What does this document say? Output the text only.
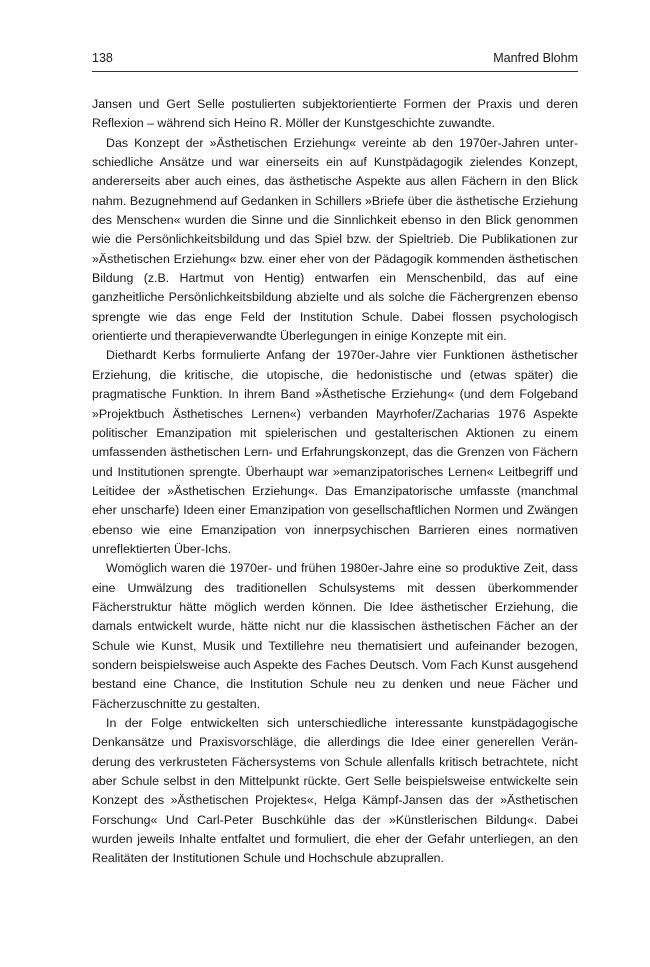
138	Manfred Blohm

Jansen und Gert Selle postulierten subjektorientierte Formen der Praxis und deren Reflexion – während sich Heino R. Möller der Kunstgeschichte zuwandte.

Das Konzept der »Ästhetischen Erziehung« vereinte ab den 1970er-Jahren unterschiedliche Ansätze und war einerseits ein auf Kunstpädagogik zielendes Konzept, andererseits aber auch eines, das ästhetische Aspekte aus allen Fächern in den Blick nahm. Bezugnehmend auf Gedanken in Schillers »Briefe über die ästhetische Erziehung des Menschen« wurden die Sinne und die Sinnlichkeit ebenso in den Blick genommen wie die Persönlichkeitsbildung und das Spiel bzw. der Spieltrieb. Die Publikationen zur »Ästhetischen Erziehung« bzw. einer eher von der Pädagogik kommenden ästhetischen Bildung (z.B. Hartmut von Hentig) entwarfen ein Menschenbild, das auf eine ganzheitliche Persönlichkeitsbildung abzielte und als solche die Fächergrenzen ebenso sprengte wie das enge Feld der Institution Schule. Dabei flossen psychologisch orientierte und therapieverwandte Überlegungen in einige Konzepte mit ein.

Diethardt Kerbs formulierte Anfang der 1970er-Jahre vier Funktionen ästhetischer Erziehung, die kritische, die utopische, die hedonistische und (etwas später) die pragmatische Funktion. In ihrem Band »Ästhetische Erziehung« (und dem Folgeband »Projektbuch Ästhetisches Lernen«) verbanden Mayrhofer/Zacharias 1976 Aspekte politischer Emanzipation mit spielerischen und gestalterischen Aktionen zu einem umfassenden ästhetischen Lern- und Erfahrungskonzept, das die Grenzen von Fächern und Institutionen sprengte. Überhaupt war »emanzipatorisches Lernen« Leitbegriff und Leitidee der »Ästhetischen Erziehung«. Das Emanzipatorische umfasste (manchmal eher unscharfe) Ideen einer Emanzipation von gesellschaftlichen Normen und Zwängen ebenso wie eine Emanzipation von innerpsychischen Barrieren eines normativen unreflektierten Über-Ichs.

Womöglich waren die 1970er- und frühen 1980er-Jahre eine so produktive Zeit, dass eine Umwälzung des traditionellen Schulsystems mit dessen überkommender Fächerstruktur hätte möglich werden können. Die Idee ästhetischer Erziehung, die damals entwickelt wurde, hätte nicht nur die klassischen ästhetischen Fächer an der Schule wie Kunst, Musik und Textillehre neu thematisiert und aufeinander bezogen, sondern beispielsweise auch Aspekte des Faches Deutsch. Vom Fach Kunst ausgehend bestand eine Chance, die Institution Schule neu zu denken und neue Fächer und Fächerzuschnitte zu gestalten.

In der Folge entwickelten sich unterschiedliche interessante kunstpädagogische Denkansätze und Praxisvorschläge, die allerdings die Idee einer generellen Veränderung des verkrusteten Fächersystems von Schule allenfalls kritisch betrachtete, nicht aber Schule selbst in den Mittelpunkt rückte. Gert Selle beispielsweise entwickelte sein Konzept des »Ästhetischen Projektes«, Helga Kämpf-Jansen das der »Ästhetischen Forschung« Und Carl-Peter Buschkühle das der »Künstlerischen Bildung«. Dabei wurden jeweils Inhalte entfaltet und formuliert, die eher der Gefahr unterliegen, an den Realitäten der Institutionen Schule und Hochschule abzuprallen.
